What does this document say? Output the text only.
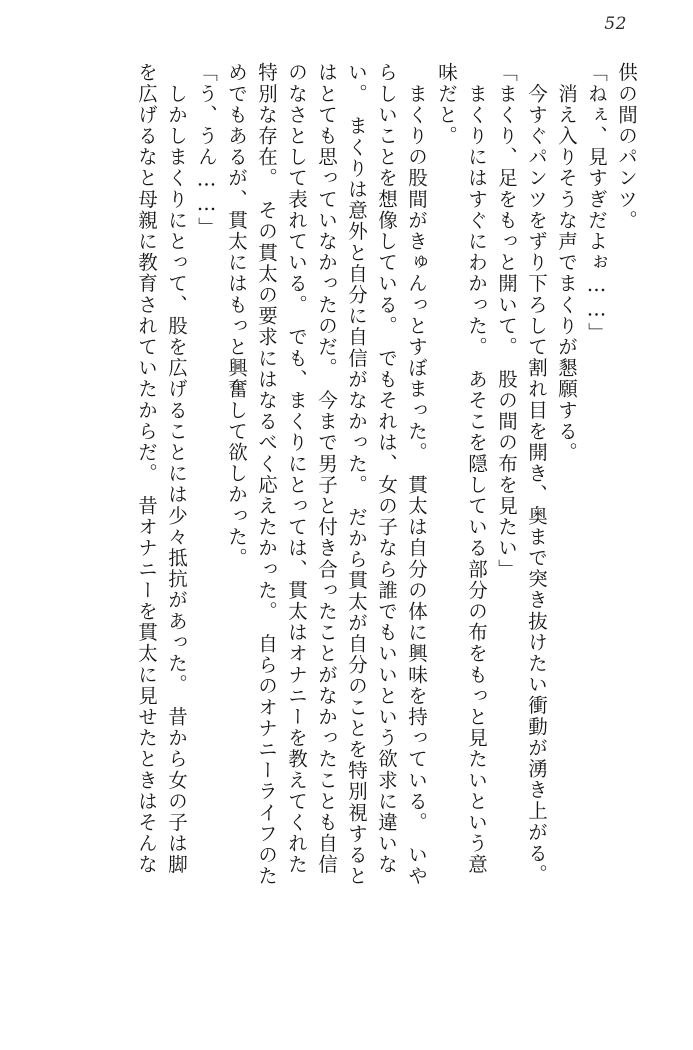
52
供の間のパンツ。
「ねぇ、見すぎだよぉ……」
　消え入りそうな声でまくりが懇願する。
　今すぐパンツをずり下ろして割れ目を開き、奥まで突き抜けたい衝動が湧き上がる。
「まくり、足をもっと開いて。　股の間の布を見たい」
　まくりにはすぐにわかった。　あそこを隠している部分の布をもっと見たいという意
味だと。
　まくりの股間がきゅんっとすぼまった。　貫太は自分の体に興味を持っている。　いや
らしいことを想像している。　でもそれは、女の子なら誰でもいいという欲求に違いな
い。　まくりは意外と自分に自信がなかった。　だから貫太が自分のことを特別視すると
はとても思っていなかったのだ。　今まで男子と付き合ったことがなかったことも自信
のなさとして表れている。　でも、まくりにとっては、貫太はオナニーを教えてくれた
特別な存在。　その貫太の要求にはなるべく応えたかった。　自らのオナニーライフのた
めでもあるが、貫太にはもっと興奮して欲しかった。
「う、うん……」
　しかしまくりにとって、股を広げることには少々抵抗があった。　昔から女の子は脚
を広げるなと母親に教育されていたからだ。　昔オナニーを貫太に見せたときはそんな
